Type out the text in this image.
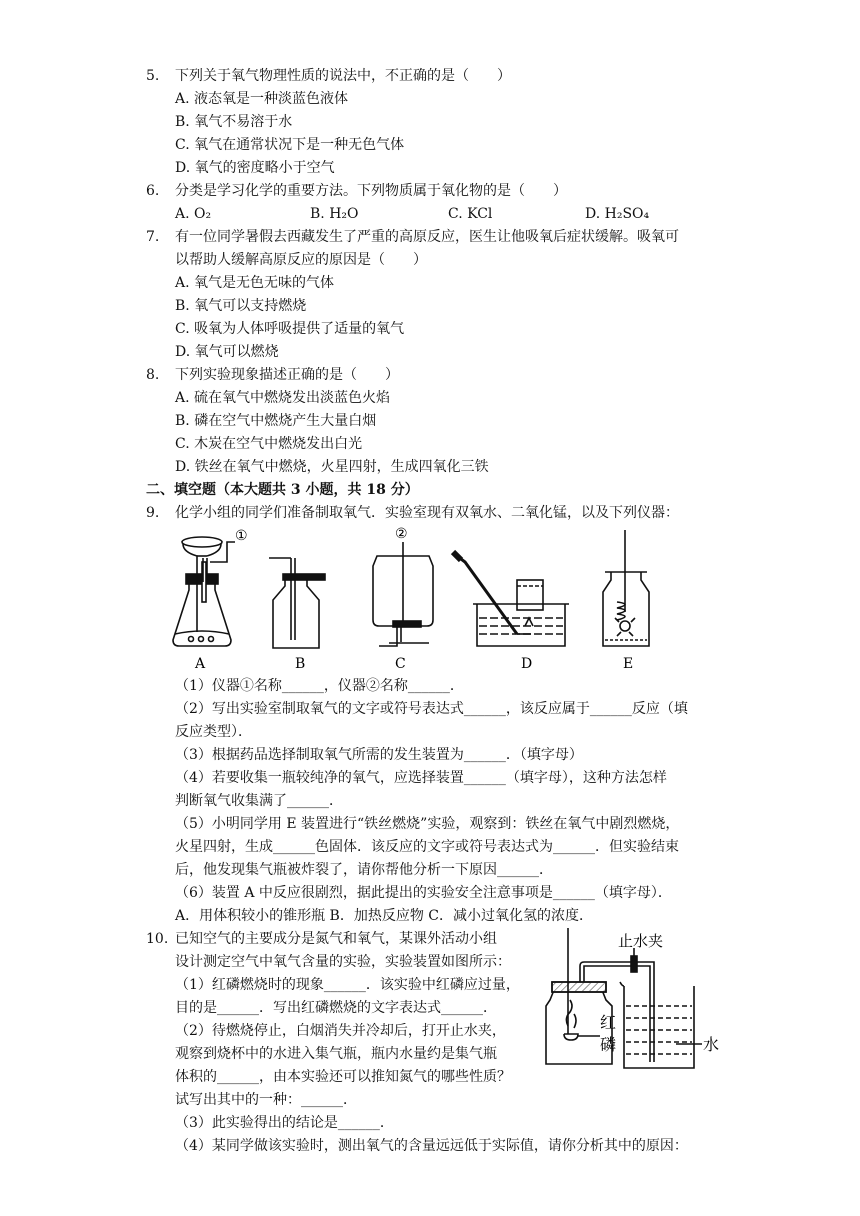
5. 下列关于氧气物理性质的说法中，不正确的是（　　）
A. 液态氧是一种淡蓝色液体
B. 氧气不易溶于水
C. 氧气在通常状况下是一种无色气体
D. 氧气的密度略小于空气
6. 分类是学习化学的重要方法。下列物质属于氧化物的是（　　）
A. O₂	B. H₂O	C. KCl	D. H₂SO₄
7. 有一位同学暑假去西藏发生了严重的高原反应，医生让他吸氧后症状缓解。吸氧可
以帮助人缓解高原反应的原因是（　　）
A. 氧气是无色无味的气体
B. 氧气可以支持燃烧
C. 吸氧为人体呼吸提供了适量的氧气
D. 氧气可以燃烧
8. 下列实验现象描述正确的是（　　）
A. 硫在氧气中燃烧发出淡蓝色火焰
B. 磷在空气中燃烧产生大量白烟
C. 木炭在空气中燃烧发出白光
D. 铁丝在氧气中燃烧，火星四射，生成四氧化三铁
二、填空题（本大题共 3 小题，共 18 分）
9. 化学小组的同学们准备制取氧气．实验室现有双氧水、二氧化锰，以及下列仪器：
①
A	B
②
C	D	E
（1）仪器①名称______，仪器②名称______．
（2）写出实验室制取氧气的文字或符号表达式______，该反应属于______反应（填
反应类型）．
（3）根据药品选择制取氧气所需的发生装置为______．（填字母）
（4）若要收集一瓶较纯净的氧气，应选择装置______（填字母），这种方法怎样
判断氧气收集满了______．
（5）小明同学用 E 装置进行“铁丝燃烧”实验，观察到：铁丝在氧气中剧烈燃烧，
火星四射，生成______色固体．该反应的文字或符号表达式为______．但实验结束
后，他发现集气瓶被炸裂了，请你帮他分析一下原因______．
（6）装置 A 中反应很剧烈，据此提出的实验安全注意事项是______（填字母）．
A．用体积较小的锥形瓶 B．加热反应物 C．减小过氧化氢的浓度．
10. 已知空气的主要成分是氮气和氧气，某课外活动小组
设计测定空气中氧气含量的实验，实验装置如图所示：
（1）红磷燃烧时的现象______．该实验中红磷应过量，
目的是______．写出红磷燃烧的文字表达式______．
（2）待燃烧停止，白烟消失并冷却后，打开止水夹，
观察到烧杯中的水进入集气瓶，瓶内水量约是集气瓶
体积的______，由本实验还可以推知氮气的哪些性质？
试写出其中的一种：______．
（3）此实验得出的结论是______．
（4）某同学做该实验时，测出氧气的含量远远低于实际值，请你分析其中的原因：
止水夹
红
磷	水
